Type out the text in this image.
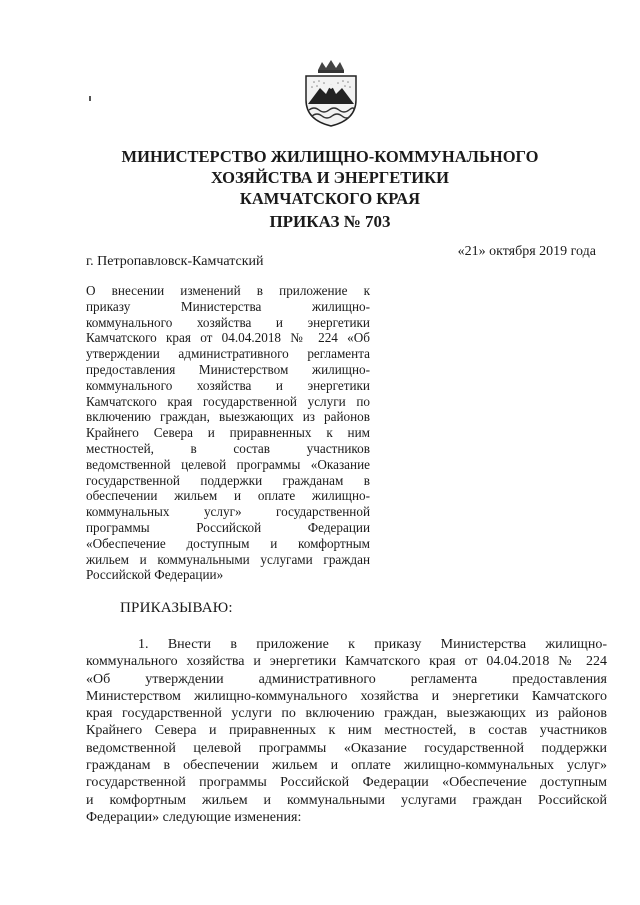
МИНИСТЕРСТВО ЖИЛИЩНО-КОММУНАЛЬНОГО
ХОЗЯЙСТВА И ЭНЕРГЕТИКИ
КАМЧАТСКОГО КРАЯ
ПРИКАЗ № 703
г. Петропавловск-Камчатский
«21» октября 2019 года
О внесении изменений в приложение к
приказу Министерства жилищно-
коммунального хозяйства и энергетики
Камчатского края от 04.04.2018 № 224 «Об
утверждении административного регламента
предоставления Министерством жилищно-
коммунального хозяйства и энергетики
Камчатского края государственной услуги по
включению граждан, выезжающих из районов
Крайнего Севера и приравненных к ним
местностей, в состав участников
ведомственной целевой программы «Оказание
государственной поддержки гражданам в
обеспечении жильем и оплате жилищно-
коммунальных услуг» государственной
программы Российской Федерации
«Обеспечение доступным и комфортным
жильем и коммунальными услугами граждан
Российской Федерации»
ПРИКАЗЫВАЮ:
1. Внести в приложение к приказу Министерства жилищно-
коммунального хозяйства и энергетики Камчатского края от 04.04.2018 № 224
«Об утверждении административного регламента предоставления
Министерством жилищно-коммунального хозяйства и энергетики Камчатского
края государственной услуги по включению граждан, выезжающих из районов
Крайнего Севера и приравненных к ним местностей, в состав участников
ведомственной целевой программы «Оказание государственной поддержки
гражданам в обеспечении жильем и оплате жилищно-коммунальных услуг»
государственной программы Российской Федерации «Обеспечение доступным
и комфортным жильем и коммунальными услугами граждан Российской
Федерации» следующие изменения:
